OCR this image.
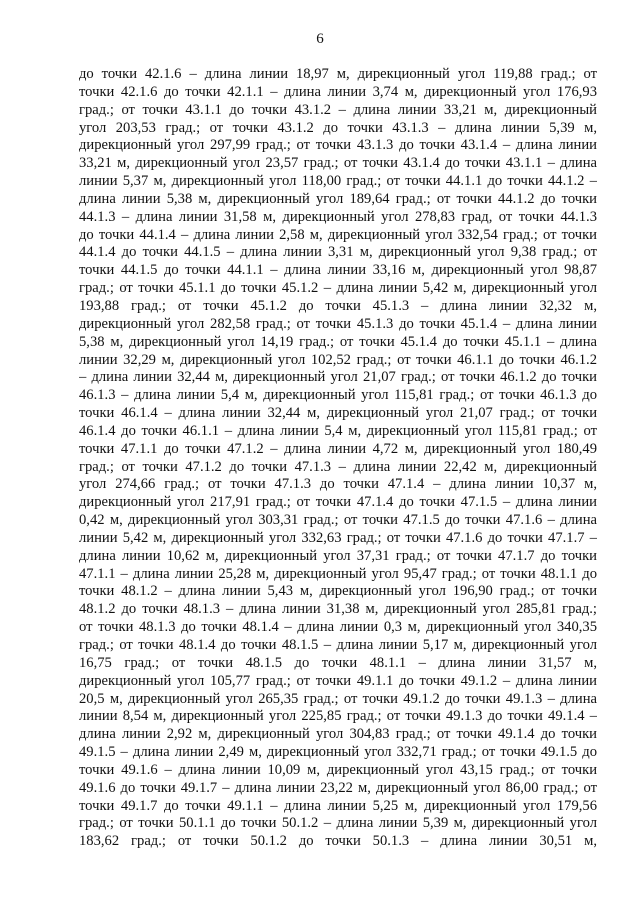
6
до точки 42.1.6 – длина линии 18,97 м, дирекционный угол 119,88 град.; от
точки 42.1.6 до точки 42.1.1 – длина линии 3,74 м, дирекционный угол 176,93
град.; от точки 43.1.1 до точки 43.1.2 – длина линии 33,21 м, дирекционный
угол 203,53 град.; от точки 43.1.2 до точки 43.1.3 – длина линии 5,39 м,
дирекционный угол 297,99 град.; от точки 43.1.3 до точки 43.1.4 – длина линии
33,21 м, дирекционный угол 23,57 град.; от точки 43.1.4 до точки 43.1.1 – длина
линии 5,37 м, дирекционный угол 118,00 град.; от точки 44.1.1 до точки 44.1.2 –
длина линии 5,38 м, дирекционный угол 189,64 град.; от точки 44.1.2 до точки
44.1.3 – длина линии 31,58 м, дирекционный угол 278,83 град, от точки 44.1.3
до точки 44.1.4 – длина линии 2,58 м, дирекционный угол 332,54 град.; от точки
44.1.4 до точки 44.1.5 – длина линии 3,31 м, дирекционный угол 9,38 град.; от
точки 44.1.5 до точки 44.1.1 – длина линии 33,16 м, дирекционный угол 98,87
град.; от точки 45.1.1 до точки 45.1.2 – длина линии 5,42 м, дирекционный угол
193,88 град.; от точки 45.1.2 до точки 45.1.3 – длина линии 32,32 м,
дирекционный угол 282,58 град.; от точки 45.1.3 до точки 45.1.4 – длина линии
5,38 м, дирекционный угол 14,19 град.; от точки 45.1.4 до точки 45.1.1 – длина
линии 32,29 м, дирекционный угол 102,52 град.; от точки 46.1.1 до точки 46.1.2
– длина линии 32,44 м, дирекционный угол 21,07 град.; от точки 46.1.2 до точки
46.1.3 – длина линии 5,4 м, дирекционный угол 115,81 град.; от точки 46.1.3 до
точки 46.1.4 – длина линии 32,44 м, дирекционный угол 21,07 град.; от точки
46.1.4 до точки 46.1.1 – длина линии 5,4 м, дирекционный угол 115,81 град.; от
точки 47.1.1 до точки 47.1.2 – длина линии 4,72 м, дирекционный угол 180,49
град.; от точки 47.1.2 до точки 47.1.3 – длина линии 22,42 м, дирекционный
угол 274,66 град.; от точки 47.1.3 до точки 47.1.4 – длина линии 10,37 м,
дирекционный угол 217,91 град.; от точки 47.1.4 до точки 47.1.5 – длина линии
0,42 м, дирекционный угол 303,31 град.; от точки 47.1.5 до точки 47.1.6 – длина
линии 5,42 м, дирекционный угол 332,63 град.; от точки 47.1.6 до точки 47.1.7 –
длина линии 10,62 м, дирекционный угол 37,31 град.; от точки 47.1.7 до точки
47.1.1 – длина линии 25,28 м, дирекционный угол 95,47 град.; от точки 48.1.1 до
точки 48.1.2 – длина линии 5,43 м, дирекционный угол 196,90 град.; от точки
48.1.2 до точки 48.1.3 – длина линии 31,38 м, дирекционный угол 285,81 град.;
от точки 48.1.3 до точки 48.1.4 – длина линии 0,3 м, дирекционный угол 340,35
град.; от точки 48.1.4 до точки 48.1.5 – длина линии 5,17 м, дирекционный угол
16,75 град.; от точки 48.1.5 до точки 48.1.1 – длина линии 31,57 м,
дирекционный угол 105,77 град.; от точки 49.1.1 до точки 49.1.2 – длина линии
20,5 м, дирекционный угол 265,35 град.; от точки 49.1.2 до точки 49.1.3 – длина
линии 8,54 м, дирекционный угол 225,85 град.; от точки 49.1.3 до точки 49.1.4 –
длина линии 2,92 м, дирекционный угол 304,83 град.; от точки 49.1.4 до точки
49.1.5 – длина линии 2,49 м, дирекционный угол 332,71 град.; от точки 49.1.5 до
точки 49.1.6 – длина линии 10,09 м, дирекционный угол 43,15 град.; от точки
49.1.6 до точки 49.1.7 – длина линии 23,22 м, дирекционный угол 86,00 град.; от
точки 49.1.7 до точки 49.1.1 – длина линии 5,25 м, дирекционный угол 179,56
град.; от точки 50.1.1 до точки 50.1.2 – длина линии 5,39 м, дирекционный угол
183,62 град.; от точки 50.1.2 до точки 50.1.3 – длина линии 30,51 м,
